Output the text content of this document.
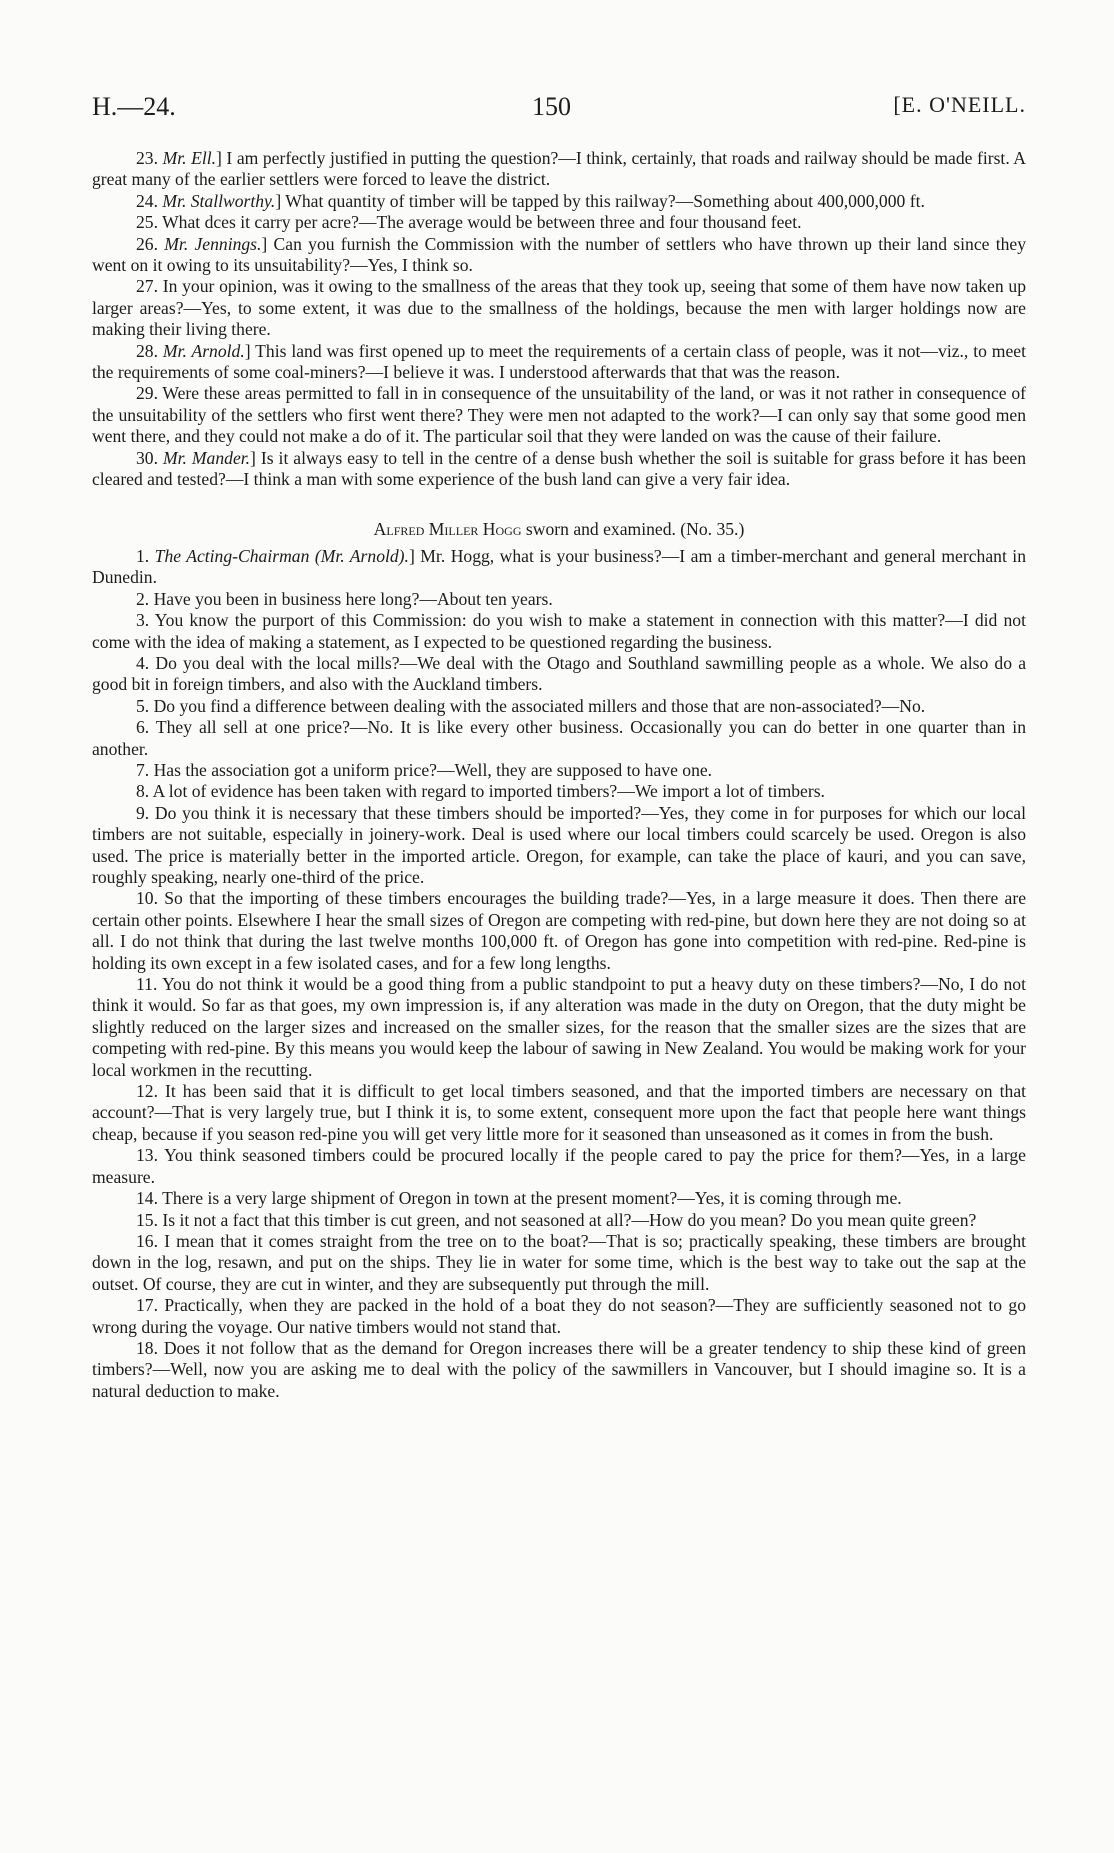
H.—24.	150	[E. O'NEILL.

23. Mr. Ell.] I am perfectly justified in putting the question?—I think, certainly, that roads and railway should be made first. A great many of the earlier settlers were forced to leave the district.

24. Mr. Stallworthy.] What quantity of timber will be tapped by this railway?—Something about 400,000,000 ft.

25. What dces it carry per acre?—The average would be between three and four thousand feet.

26. Mr. Jennings.] Can you furnish the Commission with the number of settlers who have thrown up their land since they went on it owing to its unsuitability?—Yes, I think so.

27. In your opinion, was it owing to the smallness of the areas that they took up, seeing that some of them have now taken up larger areas?—Yes, to some extent, it was due to the smallness of the holdings, because the men with larger holdings now are making their living there.

28. Mr. Arnold.] This land was first opened up to meet the requirements of a certain class of people, was it not—viz., to meet the requirements of some coal-miners?—I believe it was. I understood afterwards that that was the reason.

29. Were these areas permitted to fall in in consequence of the unsuitability of the land, or was it not rather in consequence of the unsuitability of the settlers who first went there? They were men not adapted to the work?—I can only say that some good men went there, and they could not make a do of it. The particular soil that they were landed on was the cause of their failure.

30. Mr. Mander.] Is it always easy to tell in the centre of a dense bush whether the soil is suitable for grass before it has been cleared and tested?—I think a man with some experience of the bush land can give a very fair idea.

Alfred Miller Hogg sworn and examined. (No. 35.)

1. The Acting-Chairman (Mr. Arnold).] Mr. Hogg, what is your business?—I am a timber-merchant and general merchant in Dunedin.

2. Have you been in business here long?—About ten years.

3. You know the purport of this Commission: do you wish to make a statement in connection with this matter?—I did not come with the idea of making a statement, as I expected to be questioned regarding the business.

4. Do you deal with the local mills?—We deal with the Otago and Southland sawmilling people as a whole. We also do a good bit in foreign timbers, and also with the Auckland timbers.

5. Do you find a difference between dealing with the associated millers and those that are non-associated?—No.

6. They all sell at one price?—No. It is like every other business. Occasionally you can do better in one quarter than in another.

7. Has the association got a uniform price?—Well, they are supposed to have one.

8. A lot of evidence has been taken with regard to imported timbers?—We import a lot of timbers.

9. Do you think it is necessary that these timbers should be imported?—Yes, they come in for purposes for which our local timbers are not suitable, especially in joinery-work. Deal is used where our local timbers could scarcely be used. Oregon is also used. The price is materially better in the imported article. Oregon, for example, can take the place of kauri, and you can save, roughly speaking, nearly one-third of the price.

10. So that the importing of these timbers encourages the building trade?—Yes, in a large measure it does. Then there are certain other points. Elsewhere I hear the small sizes of Oregon are competing with red-pine, but down here they are not doing so at all. I do not think that during the last twelve months 100,000 ft. of Oregon has gone into competition with red-pine. Red-pine is holding its own except in a few isolated cases, and for a few long lengths.

11. You do not think it would be a good thing from a public standpoint to put a heavy duty on these timbers?—No, I do not think it would. So far as that goes, my own impression is, if any alteration was made in the duty on Oregon, that the duty might be slightly reduced on the larger sizes and increased on the smaller sizes, for the reason that the smaller sizes are the sizes that are competing with red-pine. By this means you would keep the labour of sawing in New Zealand. You would be making work for your local workmen in the recutting.

12. It has been said that it is difficult to get local timbers seasoned, and that the imported timbers are necessary on that account?—That is very largely true, but I think it is, to some extent, consequent more upon the fact that people here want things cheap, because if you season red-pine you will get very little more for it seasoned than unseasoned as it comes in from the bush.

13. You think seasoned timbers could be procured locally if the people cared to pay the price for them?—Yes, in a large measure.

14. There is a very large shipment of Oregon in town at the present moment?—Yes, it is coming through me.

15. Is it not a fact that this timber is cut green, and not seasoned at all?—How do you mean? Do you mean quite green?

16. I mean that it comes straight from the tree on to the boat?—That is so; practically speaking, these timbers are brought down in the log, resawn, and put on the ships. They lie in water for some time, which is the best way to take out the sap at the outset. Of course, they are cut in winter, and they are subsequently put through the mill.

17. Practically, when they are packed in the hold of a boat they do not season?—They are sufficiently seasoned not to go wrong during the voyage. Our native timbers would not stand that.

18. Does it not follow that as the demand for Oregon increases there will be a greater tendency to ship these kind of green timbers?—Well, now you are asking me to deal with the policy of the sawmillers in Vancouver, but I should imagine so. It is a natural deduction to make.
